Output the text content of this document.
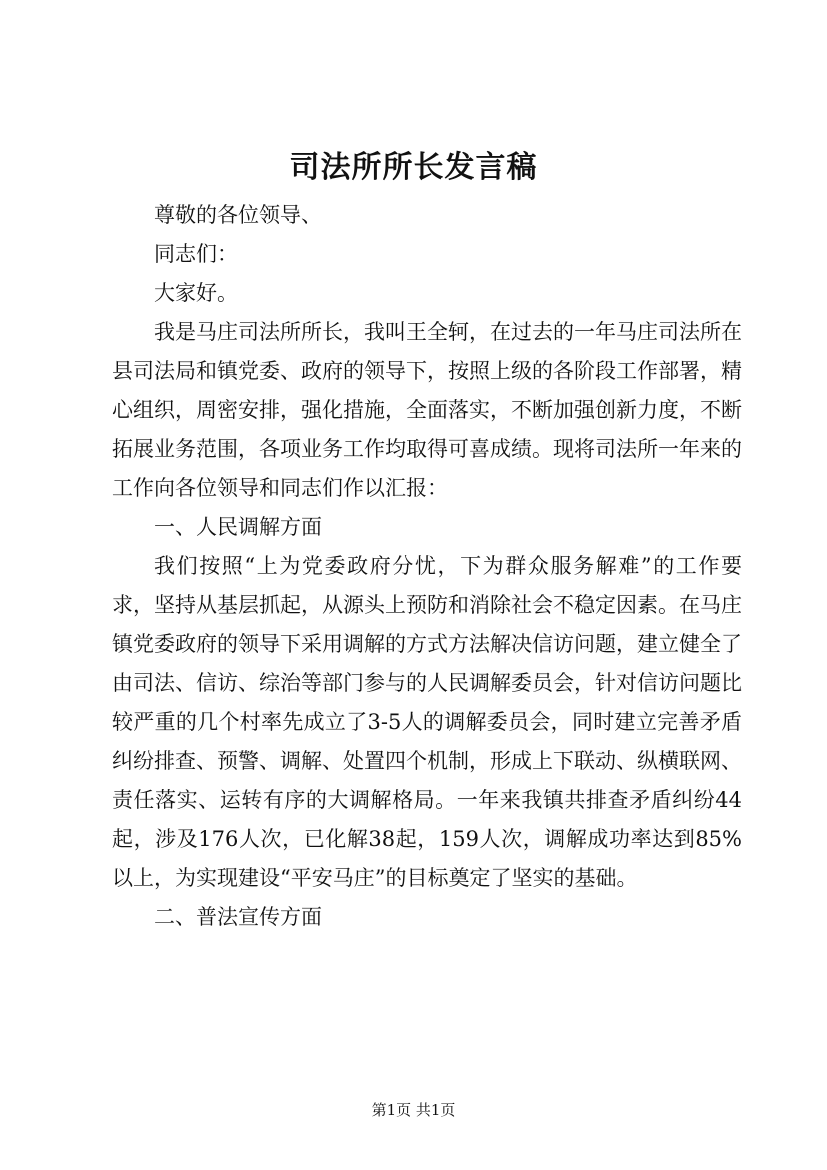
司法所所长发言稿

尊敬的各位领导、

同志们：

大家好。

我是马庄司法所所长，我叫王全轲，在过去的一年马庄司法所在县司法局和镇党委、政府的领导下，按照上级的各阶段工作部署，精心组织，周密安排，强化措施，全面落实，不断加强创新力度，不断拓展业务范围，各项业务工作均取得可喜成绩。现将司法所一年来的工作向各位领导和同志们作以汇报：

一、人民调解方面

我们按照“上为党委政府分忧，下为群众服务解难”的工作要求，坚持从基层抓起，从源头上预防和消除社会不稳定因素。在马庄镇党委政府的领导下采用调解的方式方法解决信访问题，建立健全了由司法、信访、综治等部门参与的人民调解委员会，针对信访问题比较严重的几个村率先成立了3-5人的调解委员会，同时建立完善矛盾纠纷排查、预警、调解、处置四个机制，形成上下联动、纵横联网、责任落实、运转有序的大调解格局。一年来我镇共排查矛盾纠纷44起，涉及176人次，已化解38起，159人次，调解成功率达到85%以上，为实现建设“平安马庄”的目标奠定了坚实的基础。

二、普法宣传方面

第1页 共1页
